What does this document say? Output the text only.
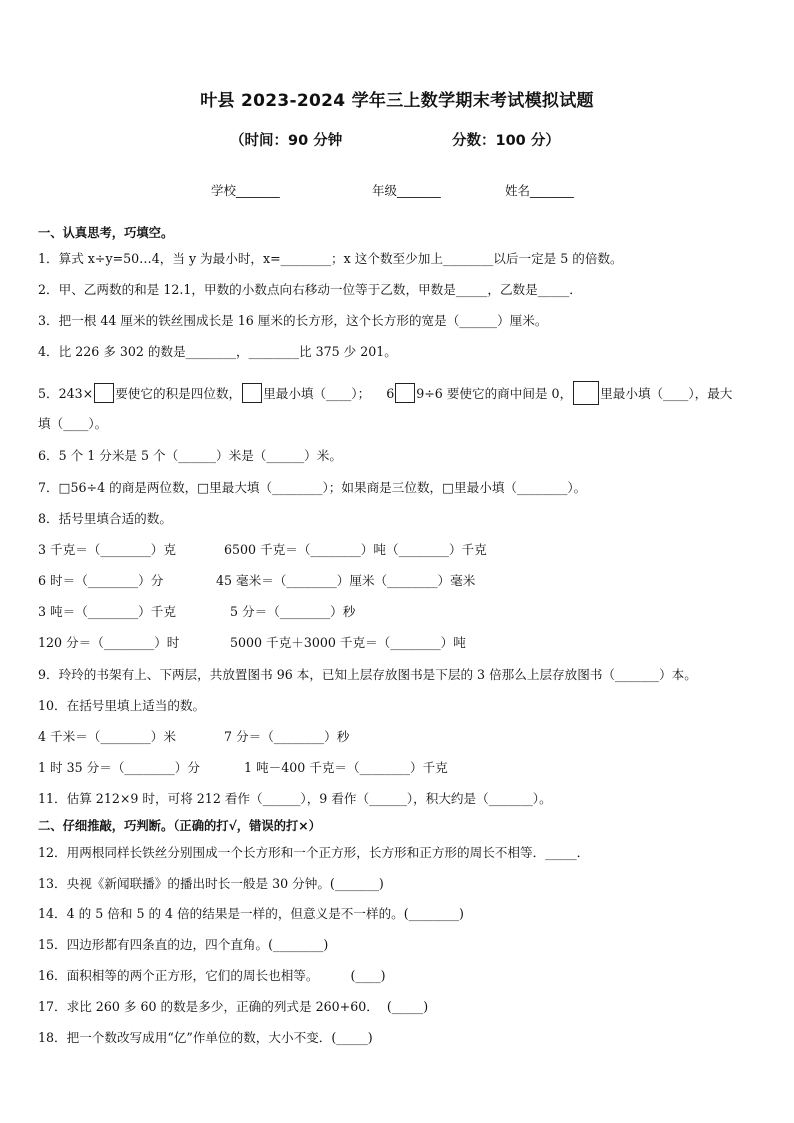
叶县 2023-2024 学年三上数学期末考试模拟试题
（时间：90 分钟	分数：100 分）
学校_______	年级_______	姓名_______
一、认真思考，巧填空。
1．算式 x÷y=50…4，当 y 为最小时，x=________；x 这个数至少加上________以后一定是 5 的倍数。
2．甲、乙两数的和是 12.1，甲数的小数点向右移动一位等于乙数，甲数是_____，乙数是_____．
3．把一根 44 厘米的铁丝围成长是 16 厘米的长方形，这个长方形的宽是（______）厘米。
4．比 226 多 302 的数是________，________比 375 少 201。
5．243× 要使它的积是四位数， 里最小填（____）； 6 9÷6 要使它的商中间是 0， 里最小填（____），最大
填（____）。
6．5 个 1 分米是 5 个（______）米是（______）米。
7．□56÷4 的商是两位数，□里最大填（________）；如果商是三位数，□里最小填（________）。
8．括号里填合适的数。
3 千克＝（________）克	6500 千克＝（________）吨（________）千克
6 时＝（________）分	45 毫米＝（________）厘米（________）毫米
3 吨＝（________）千克	5 分＝（________）秒
120 分＝（________）时	5000 千克＋3000 千克＝（________）吨
9．玲玲的书架有上、下两层，共放置图书 96 本，已知上层存放图书是下层的 3 倍那么上层存放图书（_______）本。
10．在括号里填上适当的数。
4 千米＝（________）米	7 分＝（________）秒
1 时 35 分＝（________）分	1 吨－400 千克＝（________）千克
11．估算 212×9 时，可将 212 看作（______），9 看作（______），积大约是（_______）。
二、仔细推敲，巧判断。（正确的打√，错误的打×）
12．用两根同样长铁丝分别围成一个长方形和一个正方形，长方形和正方形的周长不相等．_____．
13．央视《新闻联播》的播出时长一般是 30 分钟。(_______)
14．4 的 5 倍和 5 的 4 倍的结果是一样的，但意义是不一样的。(________)
15．四边形都有四条直的边，四个直角。(________)
16．面积相等的两个正方形，它们的周长也相等。        (____)
17．求比 260 多 60 的数是多少，正确的列式是 260+60．  (_____)
18．把一个数改写成用“亿”作单位的数，大小不变．(_____)
